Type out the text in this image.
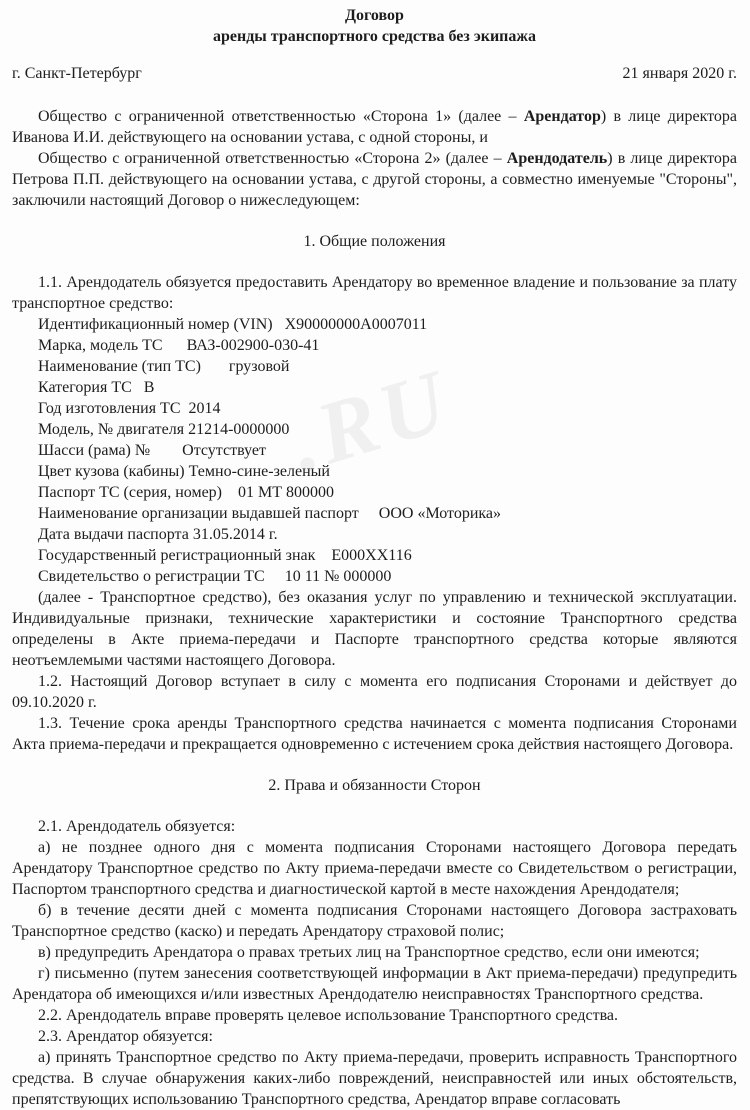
.RU
Договор
аренды транспортного средства без экипажа
г. Санкт-Петербург	21 января 2020 г.

Общество с ограниченной ответственностью «Сторона 1» (далее – Арендатор) в лице директора Иванова И.И. действующего на основании устава, с одной стороны, и

Общество с ограниченной ответственностью «Сторона 2» (далее – Арендодатель) в лице директора Петрова П.П. действующего на основании устава, с другой стороны, а совместно именуемые "Стороны", заключили настоящий Договор о нижеследующем:

1. Общие положения

1.1. Арендодатель обязуется предоставить Арендатору во временное владение и пользование за плату транспортное средство:

Идентификационный номер (VIN)   X90000000A0007011
Марка, модель ТС      ВАЗ-002900-030-41
Наименование (тип ТС)       грузовой
Категория ТС   В
Год изготовления ТС  2014
Модель, № двигателя 21214-0000000
Шасси (рама) №        Отсутствует
Цвет кузова (кабины) Темно-сине-зеленый
Паспорт ТС (серия, номер)    01 МТ 800000
Наименование организации выдавшей паспорт     ООО «Моторика»
Дата выдачи паспорта 31.05.2014 г.
Государственный регистрационный знак    Е000ХХ116
Свидетельство о регистрации ТС     10 11 № 000000

(далее - Транспортное средство), без оказания услуг по управлению и технической эксплуатации. Индивидуальные признаки, технические характеристики и состояние Транспортного средства определены в Акте приема-передачи и Паспорте транспортного средства которые являются неотъемлемыми частями настоящего Договора.

1.2. Настоящий Договор вступает в силу с момента его подписания Сторонами и действует до 09.10.2020 г.

1.3. Течение срока аренды Транспортного средства начинается с момента подписания Сторонами Акта приема-передачи и прекращается одновременно с истечением срока действия настоящего Договора.

2. Права и обязанности Сторон

2.1. Арендодатель обязуется:

а) не позднее одного дня с момента подписания Сторонами настоящего Договора передать Арендатору Транспортное средство по Акту приема-передачи вместе со Свидетельством о регистрации, Паспортом транспортного средства и диагностической картой в месте нахождения Арендодателя;

б) в течение десяти дней с момента подписания Сторонами настоящего Договора застраховать Транспортное средство (каско) и передать Арендатору страховой полис;

в) предупредить Арендатора о правах третьих лиц на Транспортное средство, если они имеются;

г) письменно (путем занесения соответствующей информации в Акт приема-передачи) предупредить Арендатора об имеющихся и/или известных Арендодателю неисправностях Транспортного средства.

2.2. Арендодатель вправе проверять целевое использование Транспортного средства.

2.3. Арендатор обязуется:

а) принять Транспортное средство по Акту приема-передачи, проверить исправность Транспортного средства. В случае обнаружения каких-либо повреждений, неисправностей или иных обстоятельств, препятствующих использованию Транспортного средства, Арендатор вправе согласовать
